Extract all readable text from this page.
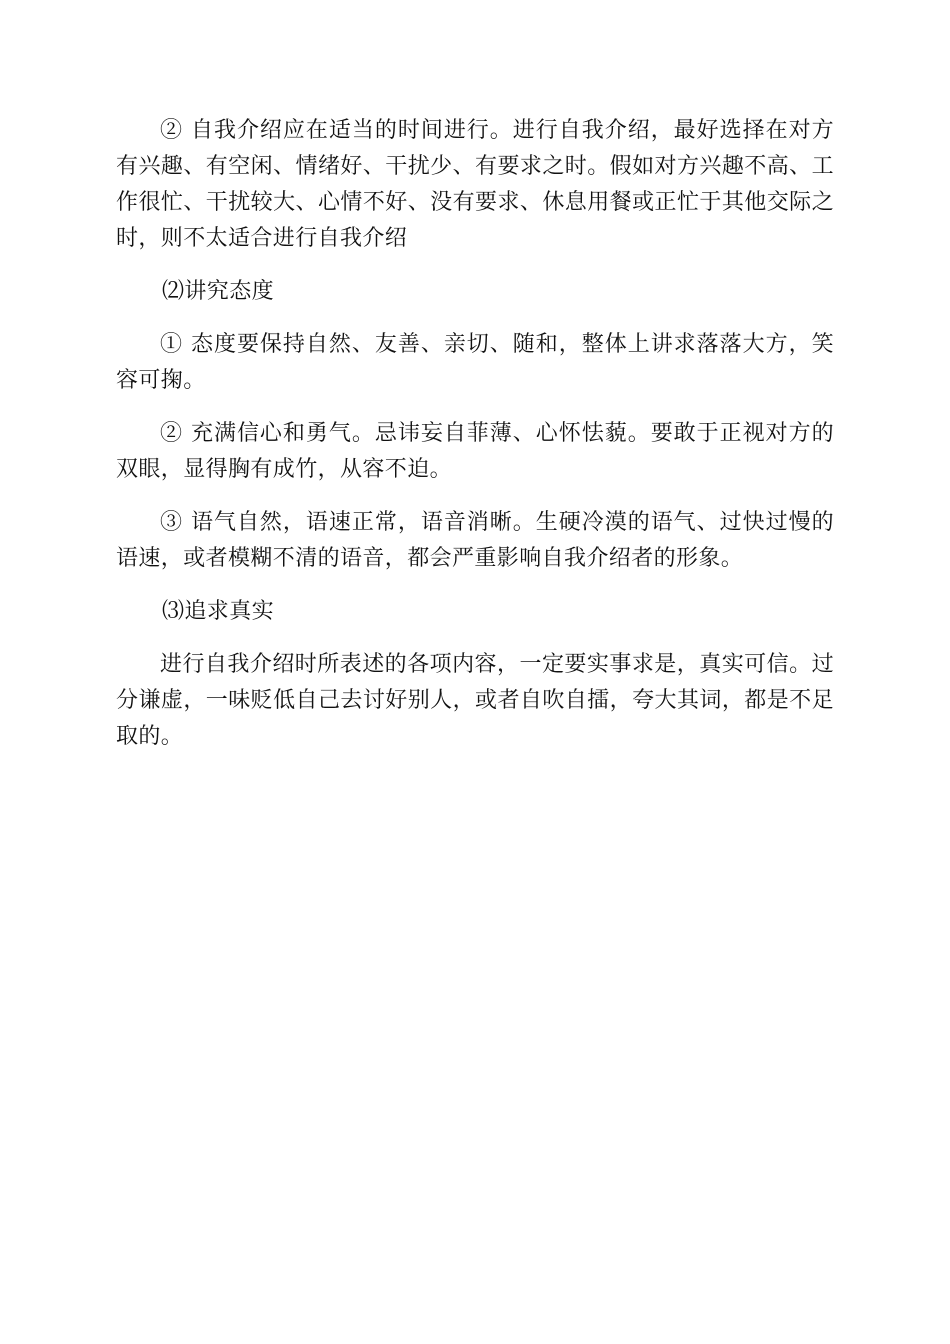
② 自我介绍应在适当的时间进行。进行自我介绍，最好选择在对方有兴趣、有空闲、情绪好、干扰少、有要求之时。假如对方兴趣不高、工作很忙、干扰较大、心情不好、没有要求、休息用餐或正忙于其他交际之时，则不太适合进行自我介绍

⑵讲究态度

① 态度要保持自然、友善、亲切、随和，整体上讲求落落大方，笑容可掬。

② 充满信心和勇气。忌讳妄自菲薄、心怀怯藐。要敢于正视对方的双眼，显得胸有成竹，从容不迫。

③ 语气自然，语速正常，语音消晰。生硬冷漠的语气、过快过慢的语速，或者模糊不清的语音，都会严重影响自我介绍者的形象。

⑶追求真实

进行自我介绍时所表述的各项内容，一定要实事求是，真实可信。过分谦虚，一味贬低自己去讨好别人，或者自吹自擂，夸大其词，都是不足取的。
